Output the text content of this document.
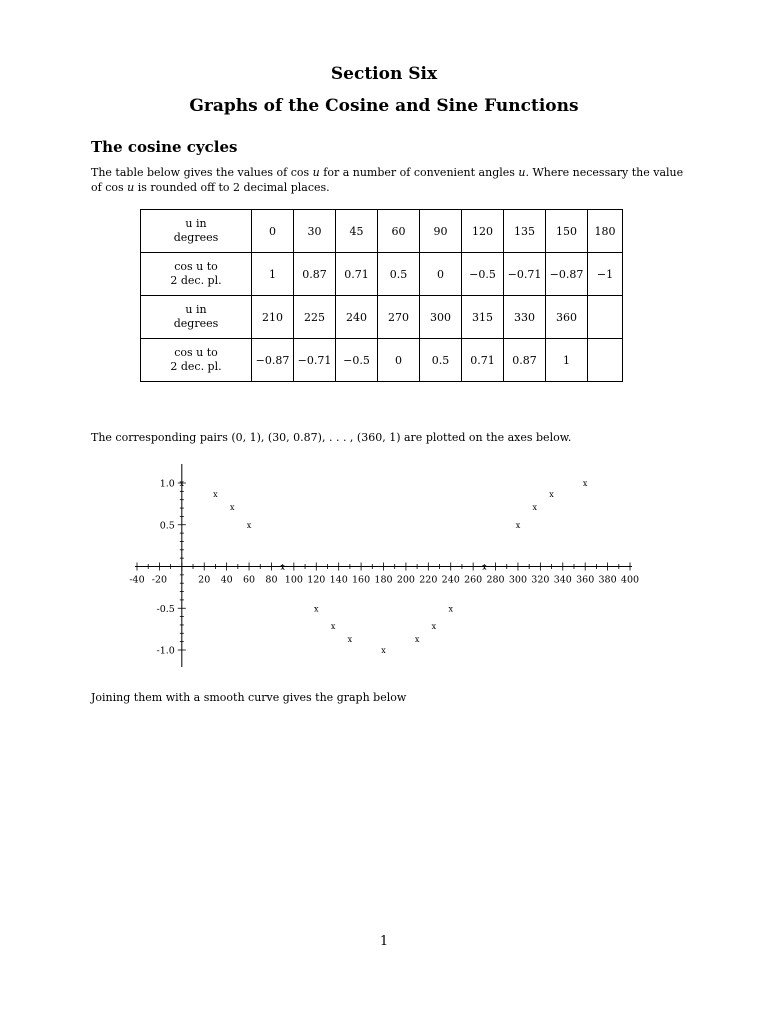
Section Six
Graphs of the Cosine and Sine Functions
The cosine cycles
The table below gives the values of cos u for a number of convenient angles u. Where necessary the value of cos u is rounded off to 2 decimal places.
u in
degrees	0	30	45	60	90	120	135	150	180
cos u to
2 dec. pl.	1	0.87	0.71	0.5	0	−0.5	−0.71	−0.87	−1
u in
degrees	210	225	240	270	300	315	330	360	
cos u to
2 dec. pl.	−0.87	−0.71	−0.5	0	0.5	0.71	0.87	1	
The corresponding pairs (0, 1), (30, 0.87), . . . , (360, 1) are plotted on the axes below.
-40 -20	20 40 60 80 100 120 140 160 180 200 220 240 260 280 300 320 340 360 380 400
1.0
0.5
-0.5
-1.0
x
x
x
x
x
x
x
x
x
x
x
x
x
x
x
x
x
Joining them with a smooth curve gives the graph below
1
